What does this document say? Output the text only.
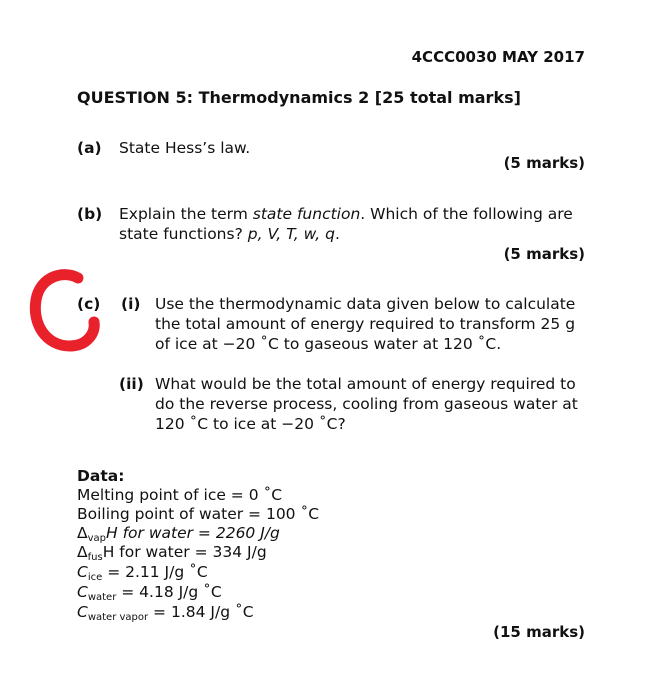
4CCC0030 MAY 2017
QUESTION 5: Thermodynamics 2 [25 total marks]
(a) State Hess’s law.
(5 marks)
(b) Explain the term state function. Which of the following are
state functions? p, V, T, w, q.
(5 marks)
(c) (i) Use the thermodynamic data given below to calculate
the total amount of energy required to transform 25 g
of ice at −20 ˚C to gaseous water at 120 ˚C.
(ii) What would be the total amount of energy required to
do the reverse process, cooling from gaseous water at
120 ˚C to ice at −20 ˚C?
Data:
Melting point of ice = 0 ˚C
Boiling point of water = 100 ˚C
$\Delta_{vap}H$ for water = 2260 J/g
$\Delta_{fus}H$ for water = 334 J/g
$C_{ice} = 2.11$ J/g ˚C
$C_{water} = 4.18$ J/g ˚C
$C_{water vapor} = 1.84$ J/g ˚C
(15 marks)
